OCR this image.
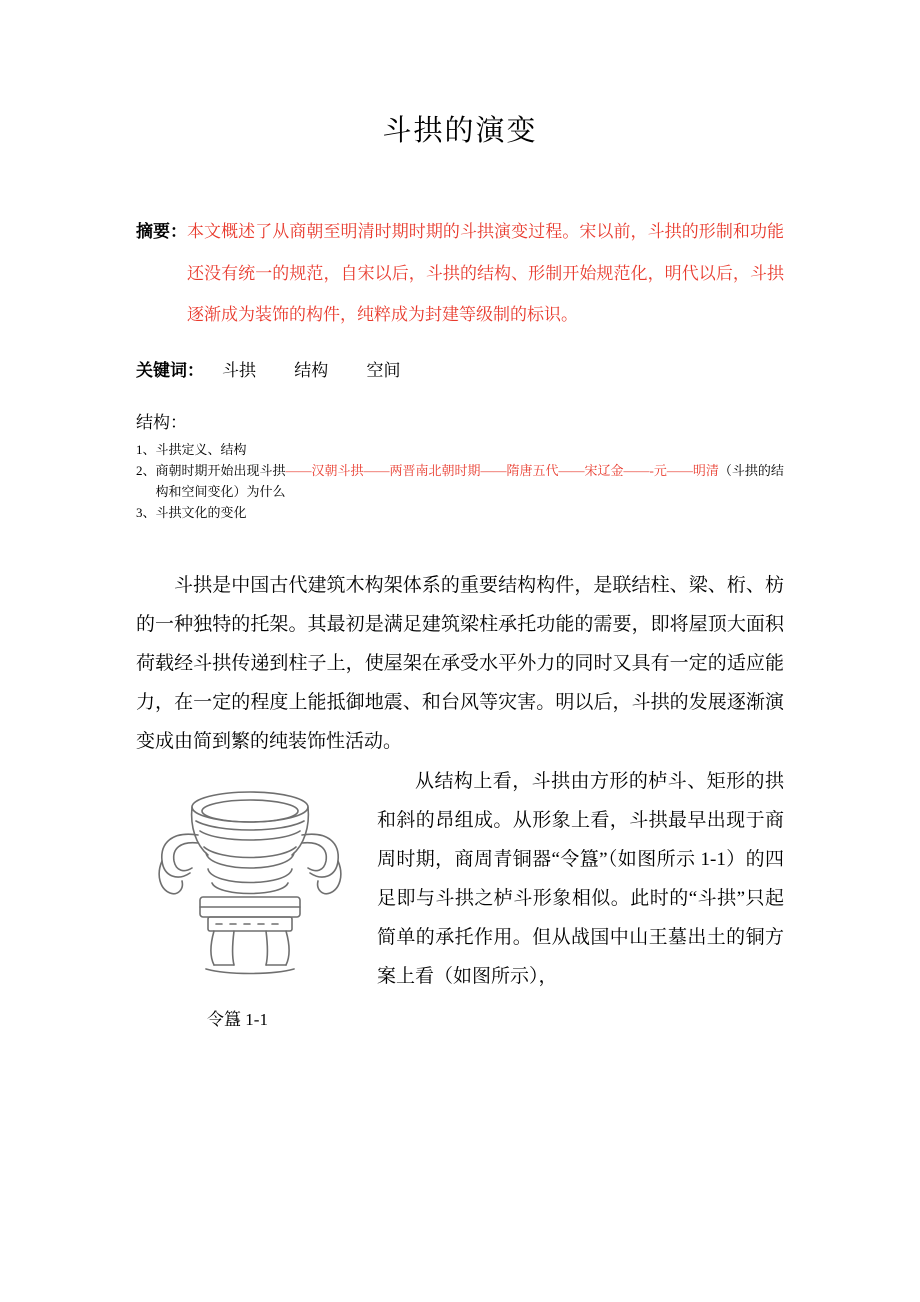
斗拱的演变
摘要： 本文概述了从商朝至明清时期时期的斗拱演变过程。宋以前，斗拱的形制和功能还没有统一的规范，自宋以后，斗拱的结构、形制开始规范化，明代以后，斗拱逐渐成为装饰的构件，纯粹成为封建等级制的标识。
关键词： 斗拱 结构 空间
结构：
1、 斗拱定义、结构
2、 商朝时期开始出现斗拱——汉朝斗拱——两晋南北朝时期——隋唐五代——宋辽金——-元——明清（斗拱的结构和空间变化）为什么
3、 斗拱文化的变化

斗拱是中国古代建筑木构架体系的重要结构构件，是联结柱、梁、桁、枋的一种独特的托架。其最初是满足建筑梁柱承托功能的需要，即将屋顶大面积荷载经斗拱传递到柱子上，使屋架在承受水平外力的同时又具有一定的适应能力，在一定的程度上能抵御地震、和台风等灾害。明以后，斗拱的发展逐渐演变成由简到繁的纯装饰性活动。

令簋 1-1

从结构上看，斗拱由方形的栌斗、矩形的拱和斜的昂组成。从形象上看，斗拱最早出现于商周时期，商周青铜器“令簋”（如图所示 1-1）的四足即与斗拱之栌斗形象相似。此时的“斗拱”只起简单的承托作用。但从战国中山王墓出土的铜方案上看（如图所示），
